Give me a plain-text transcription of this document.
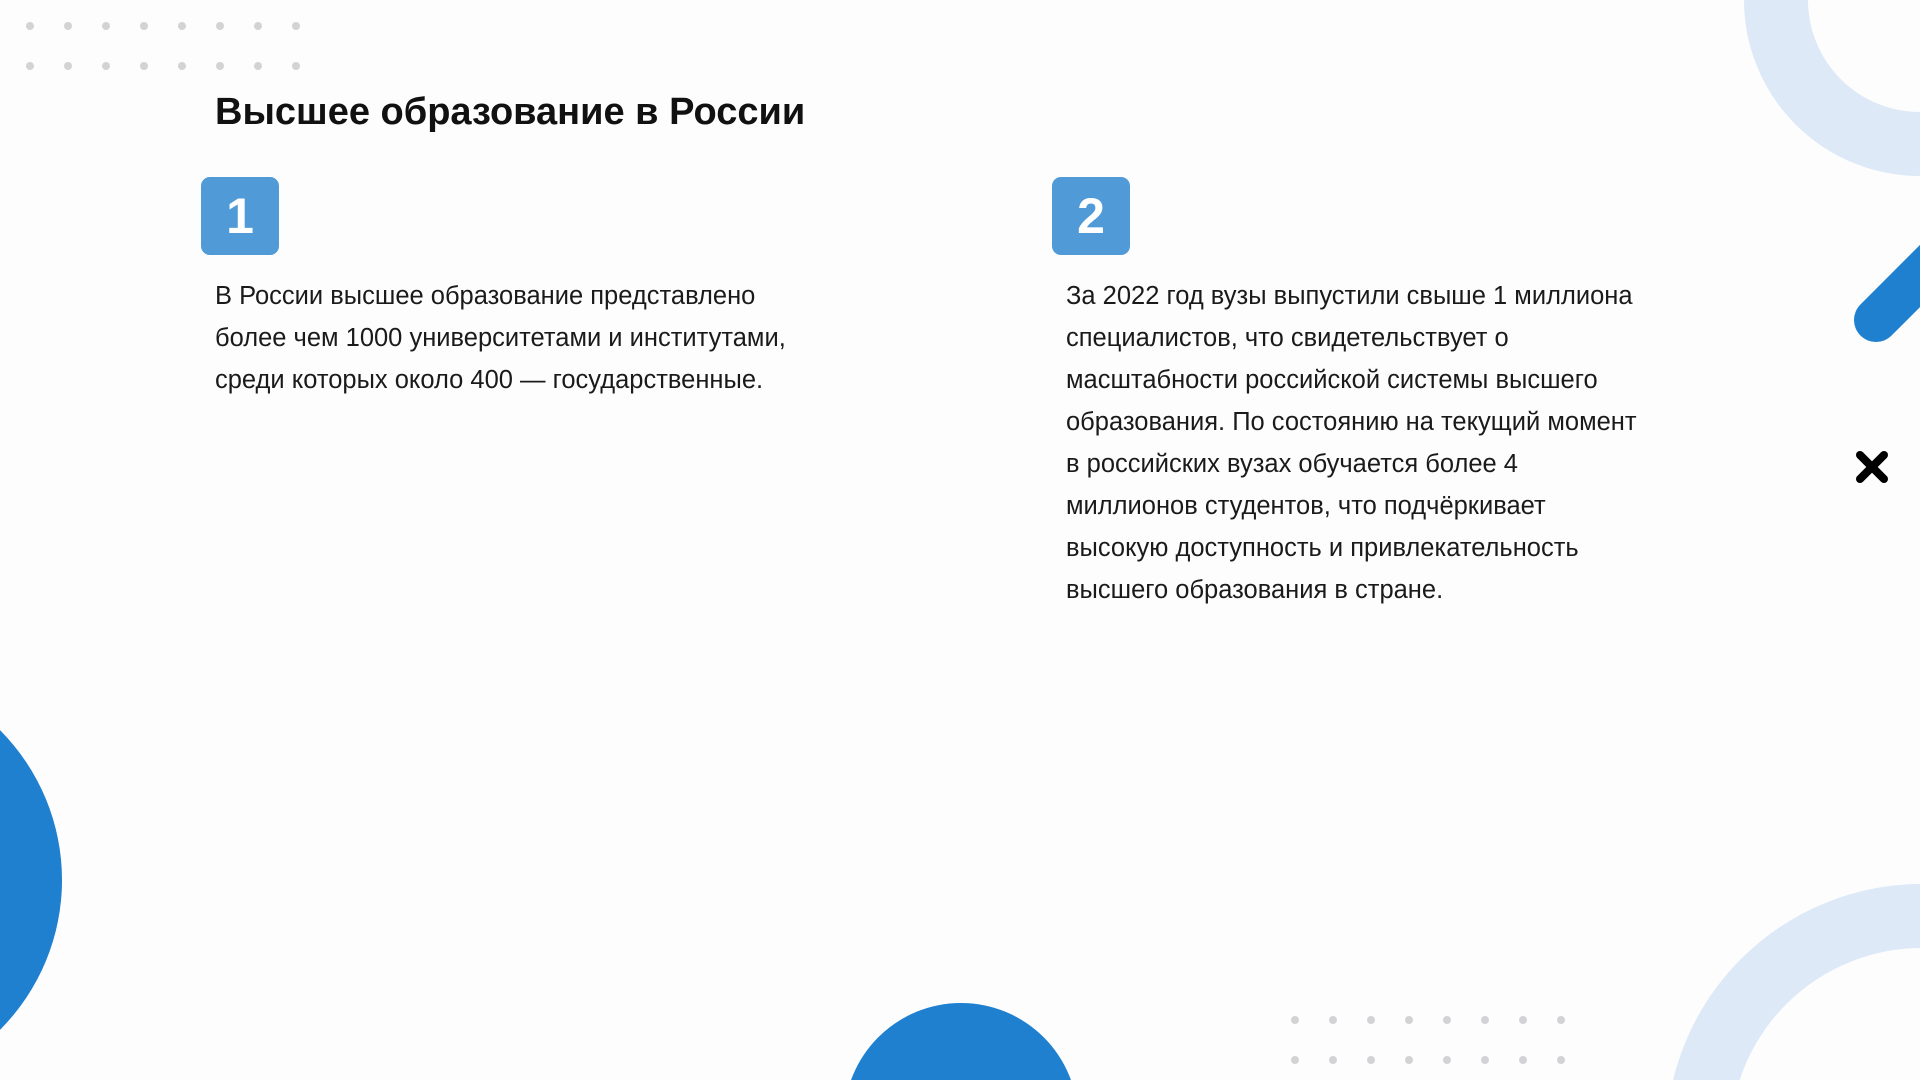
Высшее образование в России
1

В России высшее образование представлено
более чем 1000 университетами и институтами,
среди которых около 400 — государственные.

2

За 2022 год вузы выпустили свыше 1 миллиона
специалистов, что свидетельствует о
масштабности российской системы высшего
образования. По состоянию на текущий момент
в российских вузах обучается более 4
миллионов студентов, что подчёркивает
высокую доступность и привлекательность
высшего образования в стране.
